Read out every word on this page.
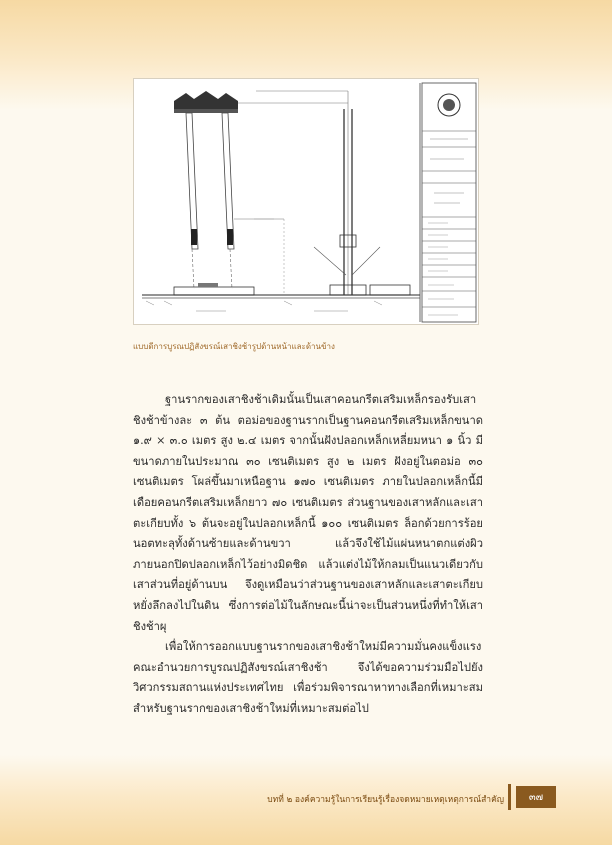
แบบดีการบูรณปฏิสังขรณ์เสาชิงช้ารูปด้านหน้าและด้านข้าง

ฐานรากของเสาชิงช้าเดิมนั้นเป็นเสาคอนกรีตเสริมเหล็กรองรับเสาชิงช้าข้างละ ๓ ต้น ตอม่อของฐานรากเป็นฐานคอนกรีตเสริมเหล็กขนาด ๑.๙ × ๓.๐ เมตร สูง ๒.๔ เมตร จากนั้นฝังปลอกเหล็กเหลี่ยมหนา ๑ นิ้ว มีขนาดภายในประมาณ ๓๐ เซนติเมตร สูง ๒ เมตร ฝังอยู่ในตอม่อ ๓๐ เซนติเมตร โผล่ขึ้นมาเหนือฐาน ๑๗๐ เซนติเมตร ภายในปลอกเหล็กนี้มีเดือยคอนกรีตเสริมเหล็กยาว ๗๐ เซนติเมตร ส่วนฐานของเสาหลักและเสาตะเกียบทั้ง ๖ ต้นจะอยู่ในปลอกเหล็กนี้ ๑๐๐ เซนติเมตร ล็อกด้วยการร้อยนอตทะลุทั้งด้านซ้ายและด้านขวา แล้วจึงใช้ไม้แผ่นหนาตกแต่งผิวภายนอกปิดปลอกเหล็กไว้อย่างมิดชิด แล้วแต่งไม้ให้กลมเป็นแนวเดียวกับเสาส่วนที่อยู่ด้านบน จึงดูเหมือนว่าส่วนฐานของเสาหลักและเสาตะเกียบหยั่งลึกลงไปในดิน ซึ่งการต่อไม้ในลักษณะนี้น่าจะเป็นส่วนหนึ่งที่ทำให้เสาชิงช้าผุ

เพื่อให้การออกแบบฐานรากของเสาชิงช้าใหม่มีความมั่นคงแข็งแรง คณะอำนวยการบูรณปฏิสังขรณ์เสาชิงช้า จึงได้ขอความร่วมมือไปยังวิศวกรรมสถานแห่งประเทศไทย เพื่อร่วมพิจารณาหาทางเลือกที่เหมาะสมสำหรับฐานรากของเสาชิงช้าใหม่ที่เหมาะสมต่อไป

บทที่ ๒ องค์ความรู้ในการเรียนรู้เรื่องจดหมายเหตุเหตุการณ์สำคัญ	๓๗
